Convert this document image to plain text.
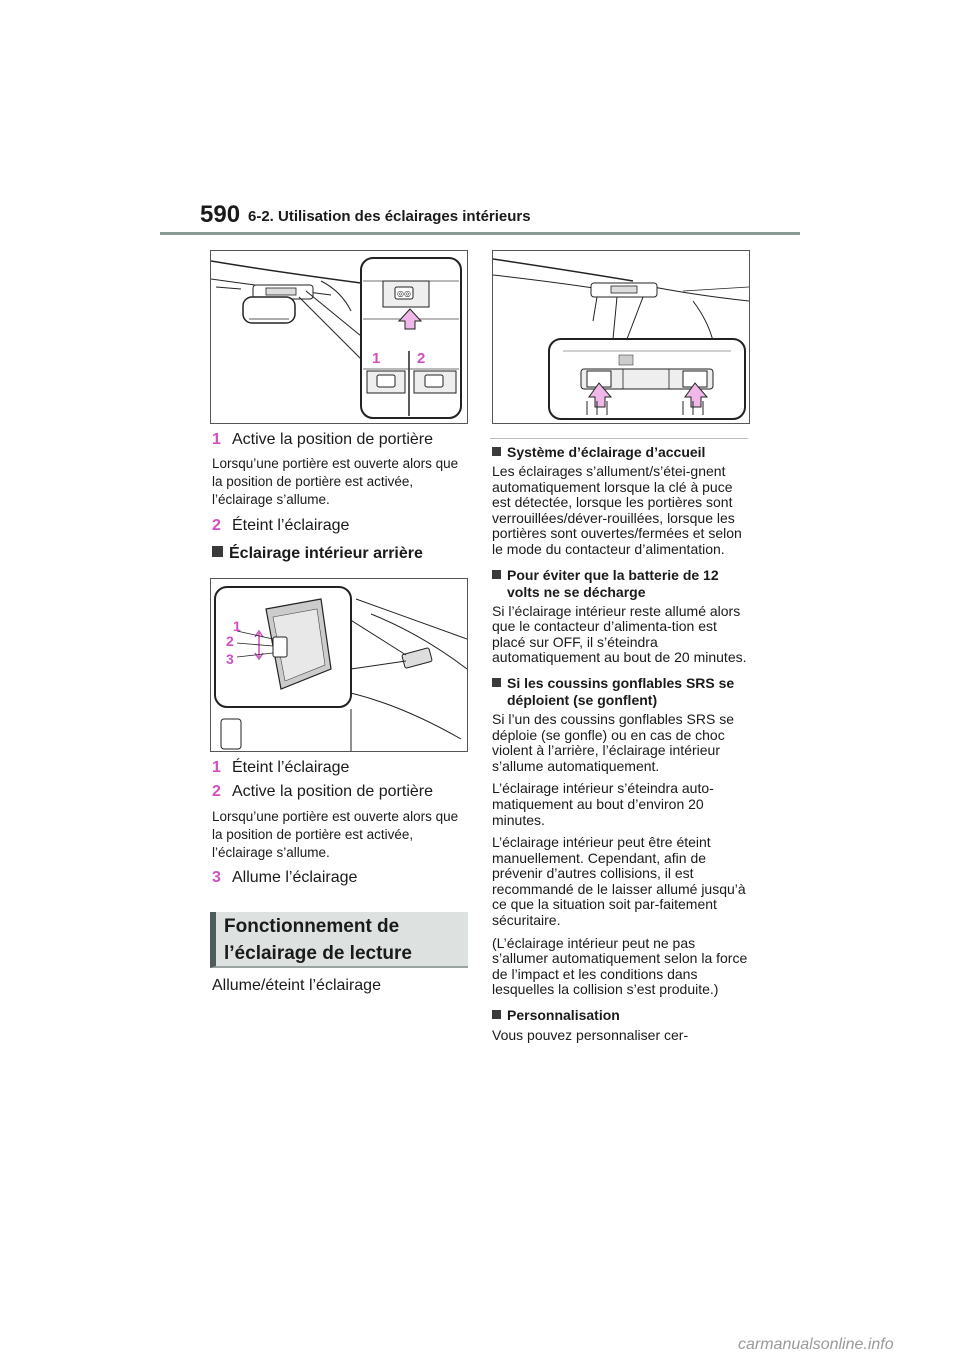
590 6-2. Utilisation des éclairages intérieurs
◎◎
1 2

1 Active la position de portière

Lorsqu’une portière est ouverte alors que la position de portière est activée, l’éclairage s’allume.

2 Éteint l’éclairage

Éclairage intérieur arrière

1
2
3

1 Éteint l’éclairage

2 Active la position de portière

Lorsqu’une portière est ouverte alors que la position de portière est activée, l’éclairage s’allume.

3 Allume l’éclairage

Fonctionnement de
l’éclairage de lecture

Allume/éteint l’éclairage

Système d’éclairage d’accueil

Les éclairages s’allument/s’étei-gnent automatiquement lorsque la clé à puce est détectée, lorsque les portières sont verrouillées/déver-rouillées, lorsque les portières sont ouvertes/fermées et selon le mode du contacteur d’alimentation.

Pour éviter que la batterie de 12 volts ne se décharge

Si l’éclairage intérieur reste allumé alors que le contacteur d’alimenta-tion est placé sur OFF, il s’éteindra automatiquement au bout de 20 minutes.

Si les coussins gonflables SRS se déploient (se gonflent)

Si l’un des coussins gonflables SRS se déploie (se gonfle) ou en cas de choc violent à l’arrière, l’éclairage intérieur s’allume automatiquement.

L’éclairage intérieur s’éteindra auto-matiquement au bout d’environ 20 minutes.

L’éclairage intérieur peut être éteint manuellement. Cependant, afin de prévenir d’autres collisions, il est recommandé de le laisser allumé jusqu’à ce que la situation soit par-faitement sécuritaire.

(L’éclairage intérieur peut ne pas s’allumer automatiquement selon la force de l’impact et les conditions dans lesquelles la collision s’est produite.)

Personnalisation

Vous pouvez personnaliser cer-

carmanualsonline.info
